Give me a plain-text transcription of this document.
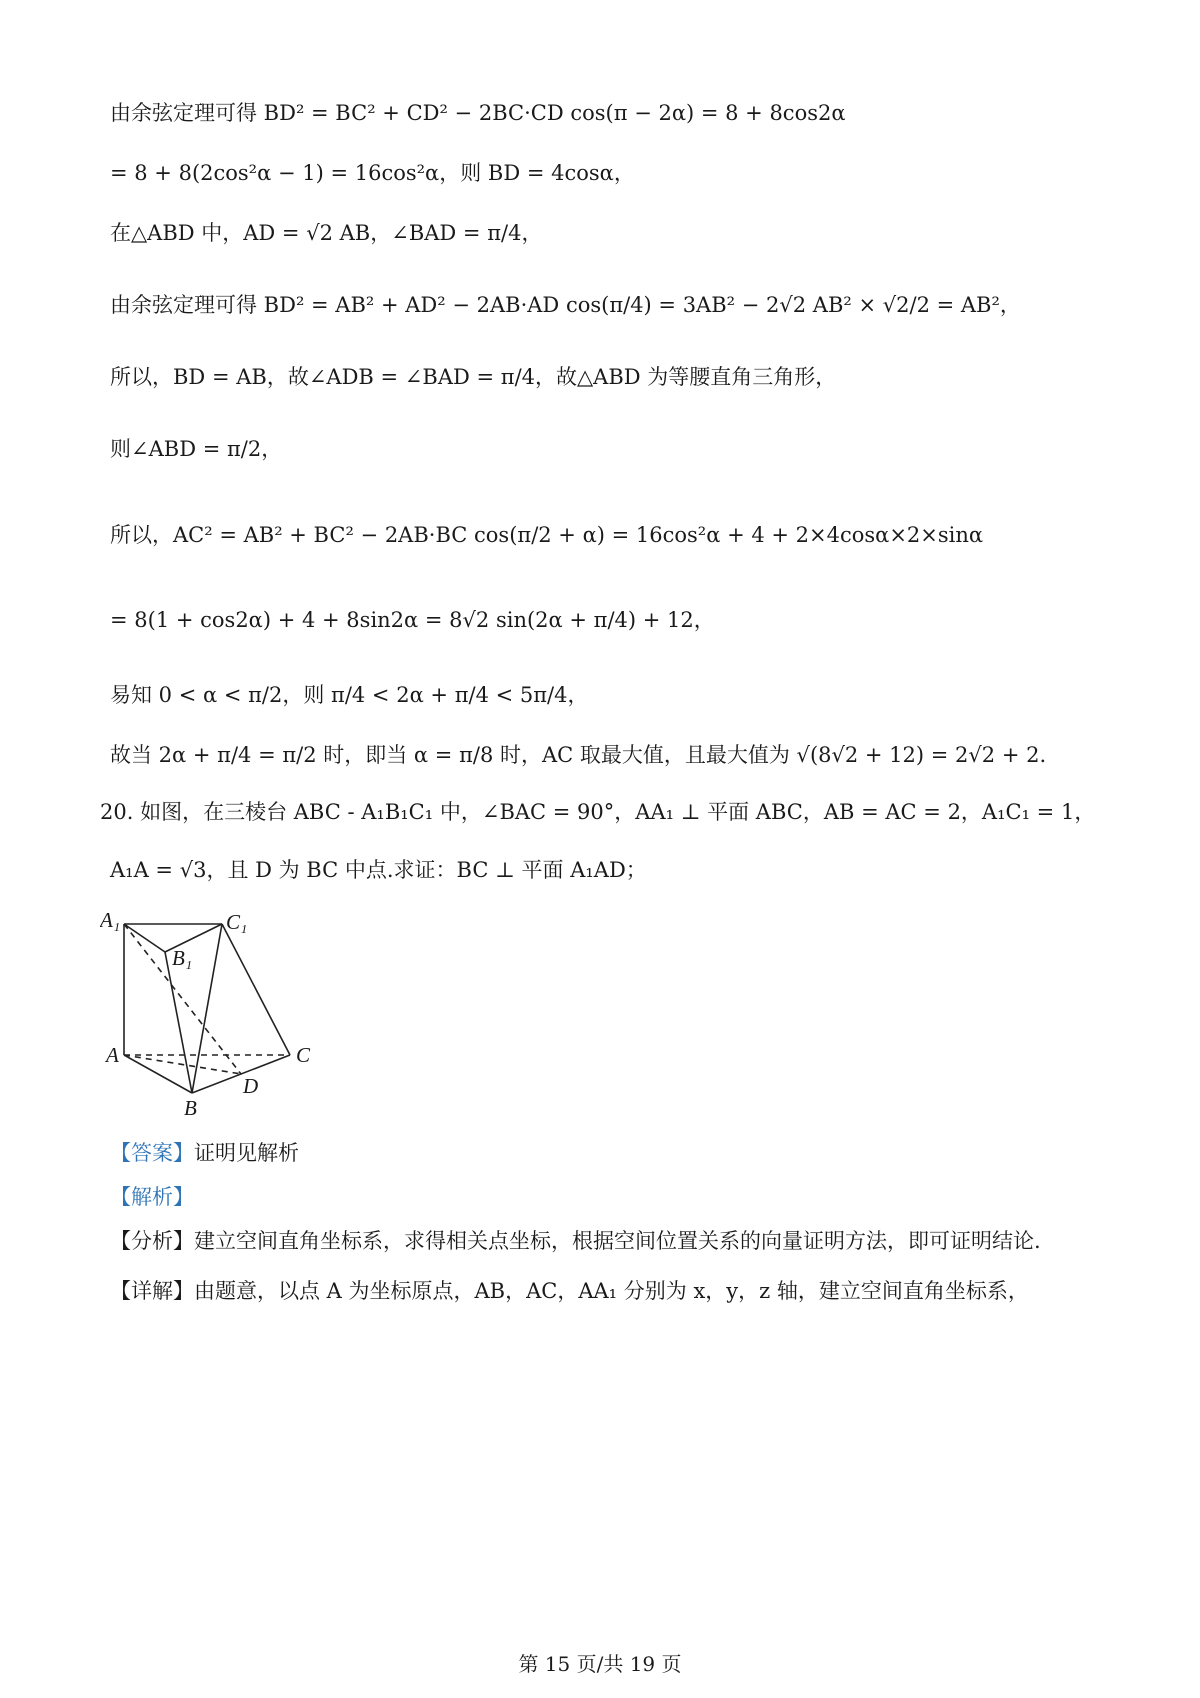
由余弦定理可得 BD² = BC² + CD² − 2BC·CD cos(π − 2α) = 8 + 8cos2α
= 8 + 8(2cos²α − 1) = 16cos²α，则 BD = 4cosα，
在△ABD 中，AD = √2 AB，∠BAD = π/4，
由余弦定理可得 BD² = AB² + AD² − 2AB·AD cos(π/4) = 3AB² − 2√2 AB² × √2/2 = AB²，
所以，BD = AB，故∠ADB = ∠BAD = π/4，故△ABD 为等腰直角三角形，
则∠ABD = π/2，
所以，AC² = AB² + BC² − 2AB·BC cos(π/2 + α) = 16cos²α + 4 + 2×4cosα×2×sinα
= 8(1 + cos2α) + 4 + 8sin2α = 8√2 sin(2α + π/4) + 12，
易知 0 < α < π/2，则 π/4 < 2α + π/4 < 5π/4，
故当 2α + π/4 = π/2 时，即当 α = π/8 时，AC 取最大值，且最大值为 √(8√2 + 12) = 2√2 + 2.
20. 如图，在三棱台 ABC - A₁B₁C₁ 中，∠BAC = 90°，AA₁ ⊥ 平面 ABC，AB = AC = 2，A₁C₁ = 1，
A₁A = √3，且 D 为 BC 中点.求证：BC ⊥ 平面 A₁AD；
A₁	C₁
B₁
A	C
D
B
【答案】证明见解析
【解析】
【分析】建立空间直角坐标系，求得相关点坐标，根据空间位置关系的向量证明方法，即可证明结论.
【详解】由题意，以点 A 为坐标原点，AB，AC，AA₁ 分别为 x，y，z 轴，建立空间直角坐标系，
第 15 页/共 19 页
